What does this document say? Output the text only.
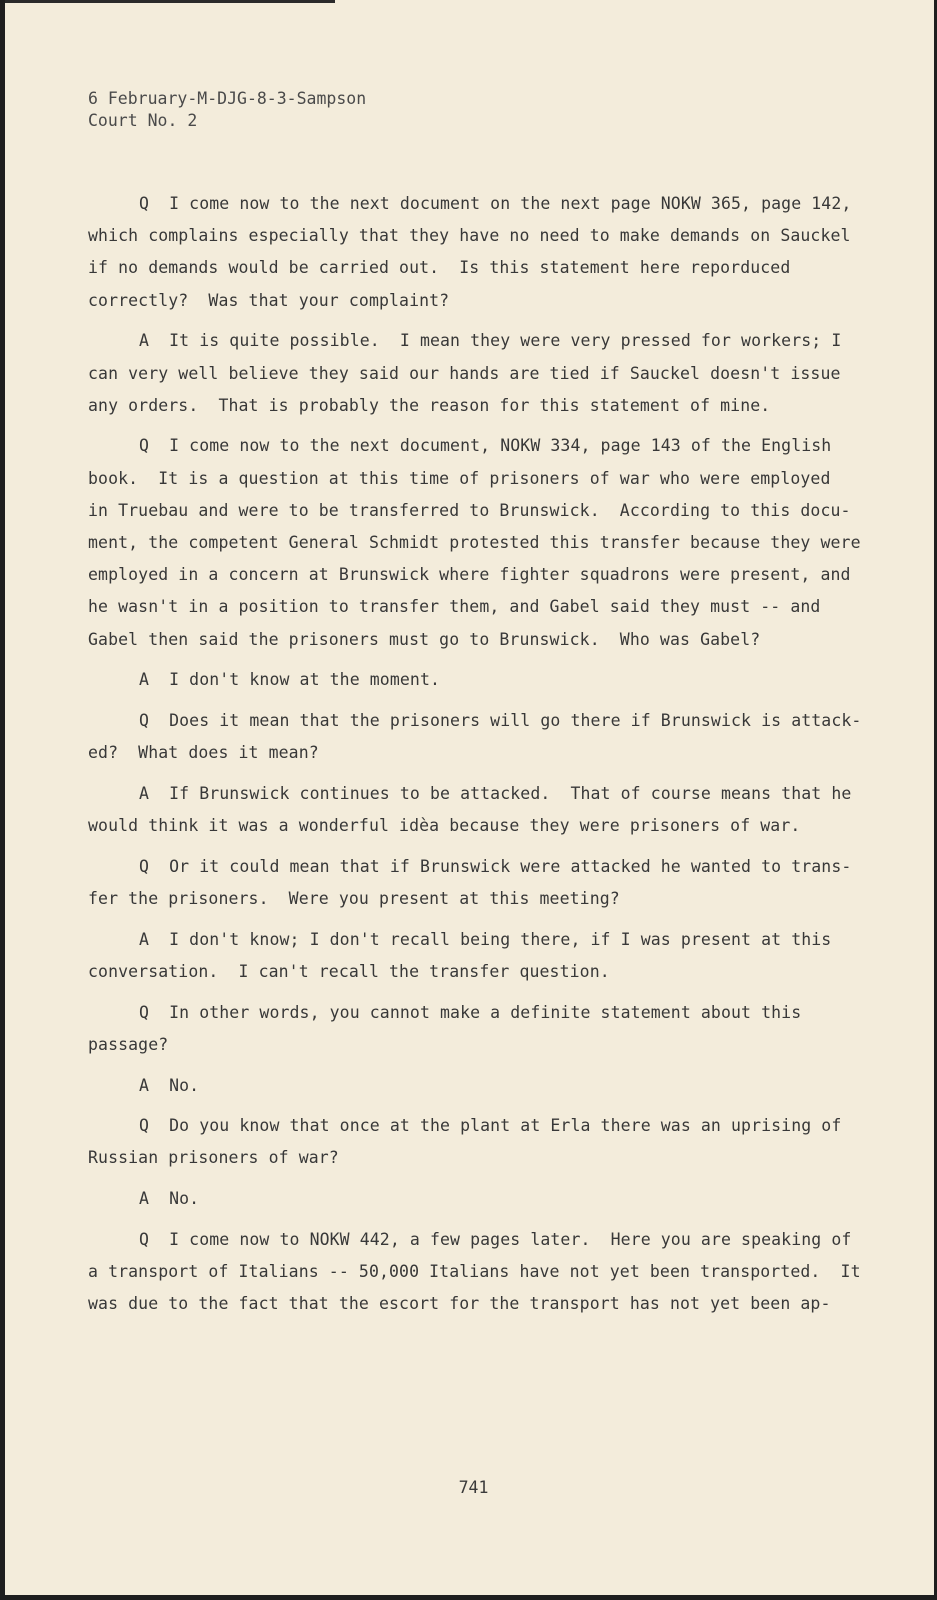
6 February-M-DJG-8-3-Sampson
Court No. 2
Q  I come now to the next document on the next page NOKW 365, page 142,
which complains especially that they have no need to make demands on Sauckel
if no demands would be carried out.  Is this statement here reporduced
correctly?  Was that your complaint?
A  It is quite possible.  I mean they were very pressed for workers; I
can very well believe they said our hands are tied if Sauckel doesn't issue
any orders.  That is probably the reason for this statement of mine.
Q  I come now to the next document, NOKW 334, page 143 of the English
book.  It is a question at this time of prisoners of war who were employed
in Truebau and were to be transferred to Brunswick.  According to this docu-
ment, the competent General Schmidt protested this transfer because they were
employed in a concern at Brunswick where fighter squadrons were present, and
he wasn't in a position to transfer them, and Gabel said they must -- and
Gabel then said the prisoners must go to Brunswick.  Who was Gabel?
A  I don't know at the moment.
Q  Does it mean that the prisoners will go there if Brunswick is attack-
ed?  What does it mean?
A  If Brunswick continues to be attacked.  That of course means that he
would think it was a wonderful idèa because they were prisoners of war.
Q  Or it could mean that if Brunswick were attacked he wanted to trans-
fer the prisoners.  Were you present at this meeting?
A  I don't know; I don't recall being there, if I was present at this
conversation.  I can't recall the transfer question.
Q  In other words, you cannot make a definite statement about this
passage?
A  No.
Q  Do you know that once at the plant at Erla there was an uprising of
Russian prisoners of war?
A  No.
Q  I come now to NOKW 442, a few pages later.  Here you are speaking of
a transport of Italians -- 50,000 Italians have not yet been transported.  It
was due to the fact that the escort for the transport has not yet been ap-
741
